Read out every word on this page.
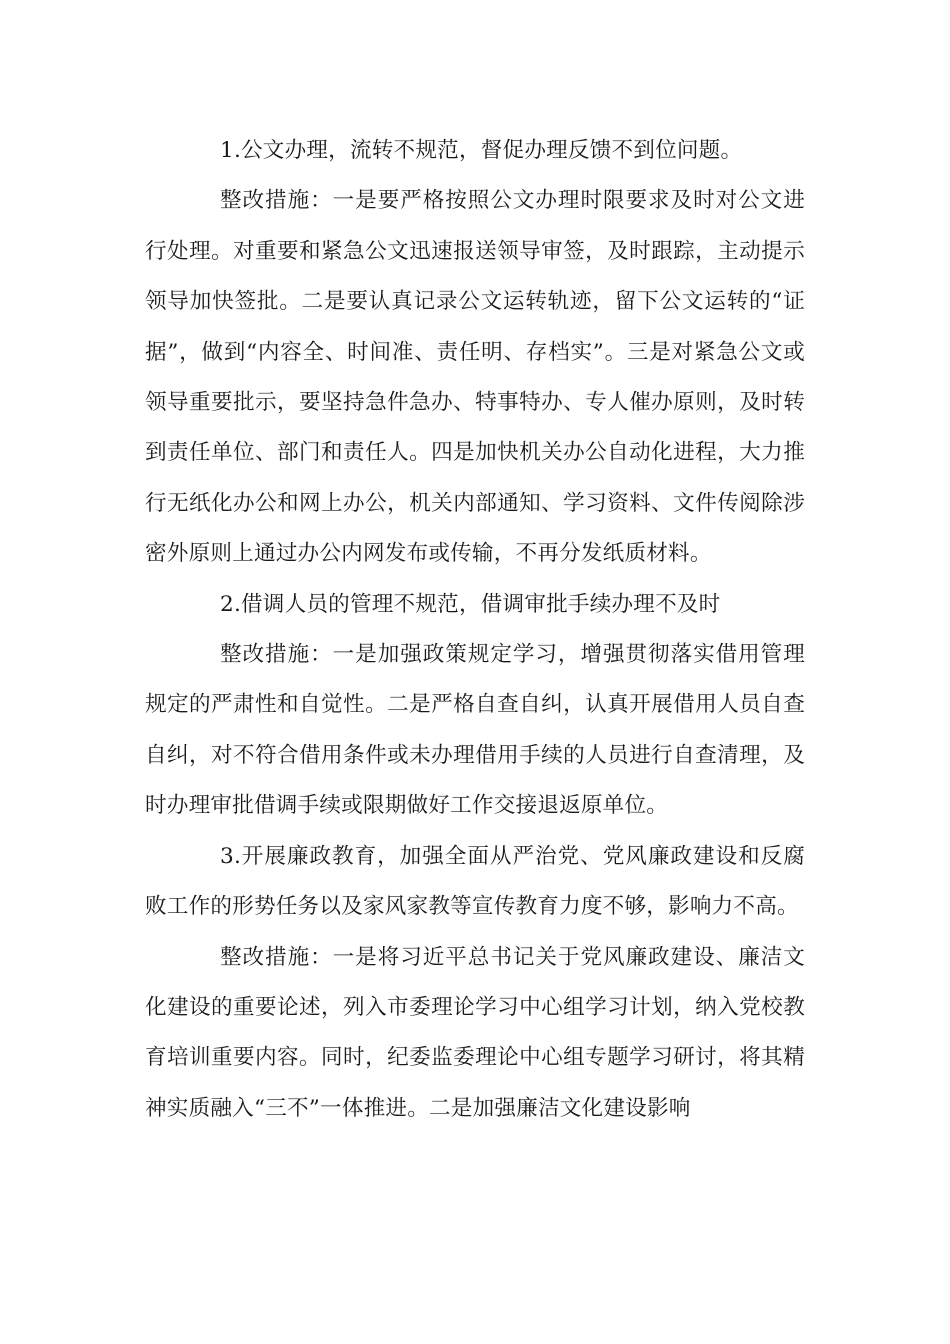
1.公文办理，流转不规范，督促办理反馈不到位问题。

整改措施：一是要严格按照公文办理时限要求及时对公文进行处理。对重要和紧急公文迅速报送领导审签，及时跟踪，主动提示领导加快签批。二是要认真记录公文运转轨迹，留下公文运转的“证据”，做到“内容全、时间准、责任明、存档实”。三是对紧急公文或领导重要批示，要坚持急件急办、特事特办、专人催办原则，及时转到责任单位、部门和责任人。四是加快机关办公自动化进程，大力推行无纸化办公和网上办公，机关内部通知、学习资料、文件传阅除涉密外原则上通过办公内网发布或传输，不再分发纸质材料。

2.借调人员的管理不规范，借调审批手续办理不及时

整改措施：一是加强政策规定学习，增强贯彻落实借用管理规定的严肃性和自觉性。二是严格自查自纠，认真开展借用人员自查自纠，对不符合借用条件或未办理借用手续的人员进行自查清理，及时办理审批借调手续或限期做好工作交接退返原单位。

3.开展廉政教育，加强全面从严治党、党风廉政建设和反腐败工作的形势任务以及家风家教等宣传教育力度不够，影响力不高。

整改措施：一是将习近平总书记关于党风廉政建设、廉洁文化建设的重要论述，列入市委理论学习中心组学习计划，纳入党校教育培训重要内容。同时，纪委监委理论中心组专题学习研讨，将其精神实质融入“三不”一体推进。二是加强廉洁文化建设影响
